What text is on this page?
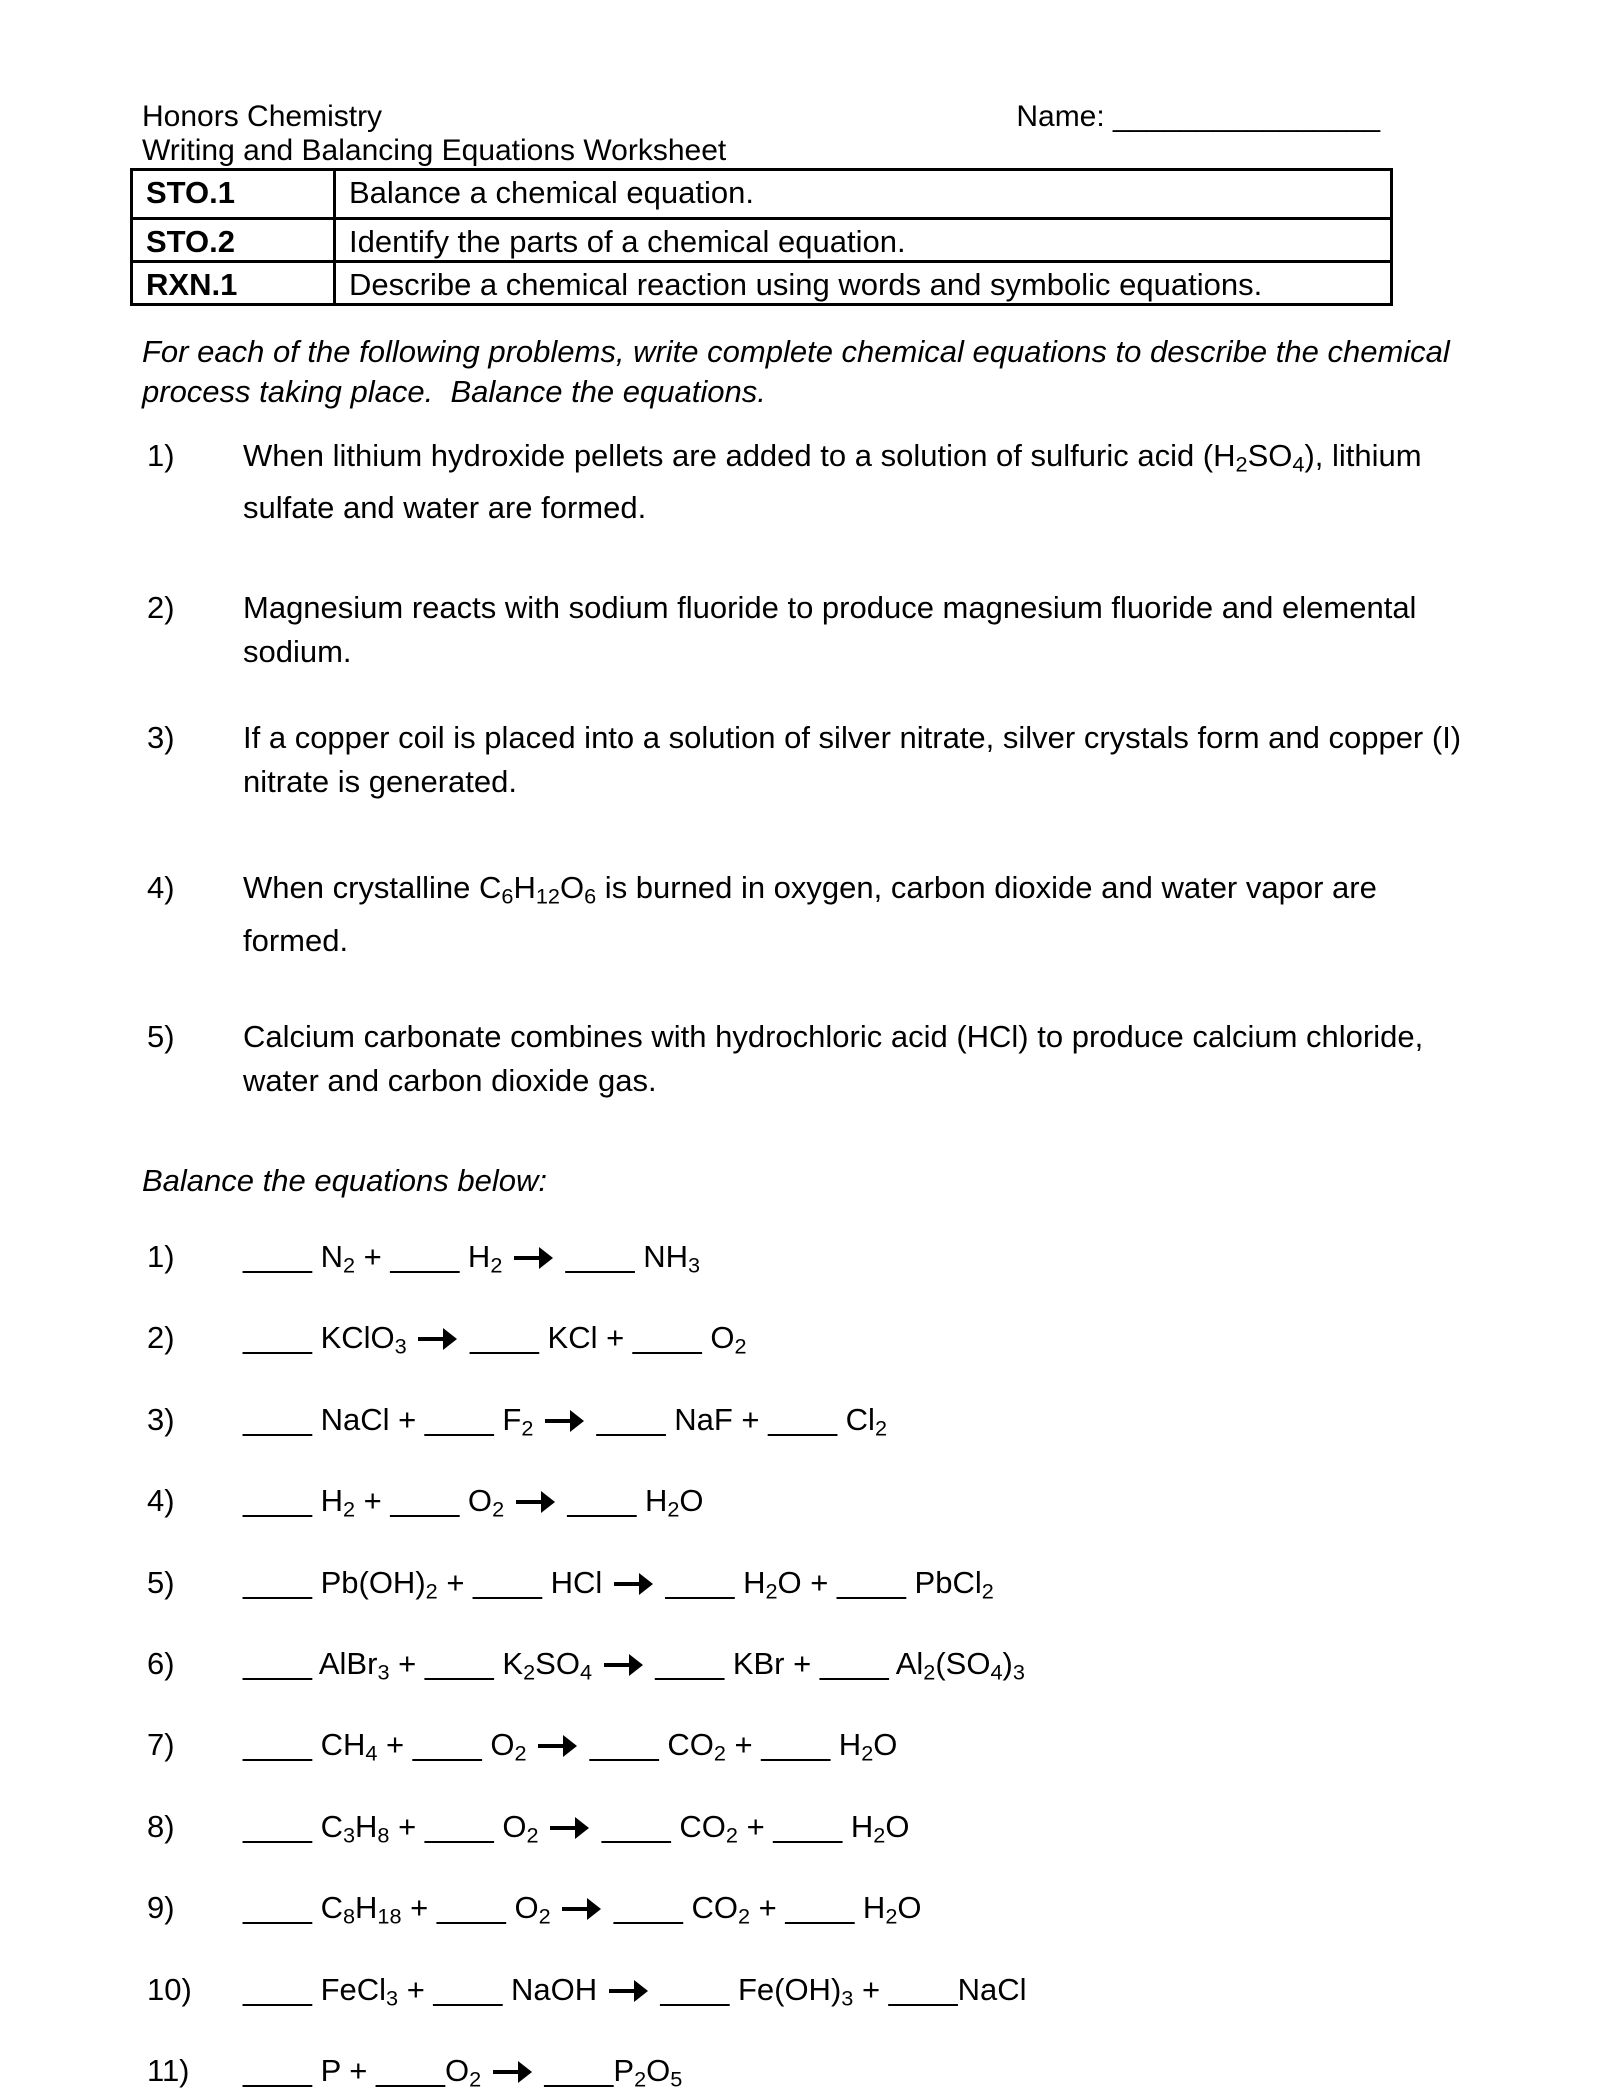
Honors Chemistry	Name: ________________
Writing and Balancing Equations Worksheet
STO.1	Balance a chemical equation.
STO.2	Identify the parts of a chemical equation.
RXN.1	Describe a chemical reaction using words and symbolic equations.

For each of the following problems, write complete chemical equations to describe the chemical process taking place.  Balance the equations.

1)	When lithium hydroxide pellets are added to a solution of sulfuric acid $(H_2SO_4)$, lithium sulfate and water are formed.
2)	Magnesium reacts with sodium fluoride to produce magnesium fluoride and elemental sodium.
3)	If a copper coil is placed into a solution of silver nitrate, silver crystals form and copper (I) nitrate is generated.
4)	When crystalline $C_6H_{12}O_6$ is burned in oxygen, carbon dioxide and water vapor are formed.
5)	Calcium carbonate combines with hydrochloric acid (HCl) to produce calcium chloride, water and carbon dioxide gas.

Balance the equations below:

1)	____ $N_2$ + ____ $H_2$  ____ $NH_3$
2)	____ KClO$_3$  ____ KCl + ____ $O_2$
3)	____ NaCl + ____ $F_2$  ____ NaF + ____ $Cl_2$
4)	____ $H_2$ + ____ $O_2$  ____ $H_2O$
5)	____ $Pb(OH)_2$ + ____ HCl  ____ $H_2O$ + ____ PbCl$_2$
6)	____ AlBr$_3$ + ____ $K_2SO_4$  ____ KBr + ____ $Al_2(SO_4)_3$
7)	____ $CH_4$ + ____ $O_2$  ____ $CO_2$ + ____ $H_2O$
8)	____ $C_3H_8$ + ____ $O_2$  ____ $CO_2$ + ____ $H_2O$
9)	____ $C_8H_{18}$ + ____ $O_2$  ____ $CO_2$ + ____ $H_2O$
10)	____ FeCl$_3$ + ____ NaOH  ____ $Fe(OH)_3$ + ____NaCl
11)	____ $P + \_\_\_\_O_2$  $\_\_\_\_P_2O_5$
